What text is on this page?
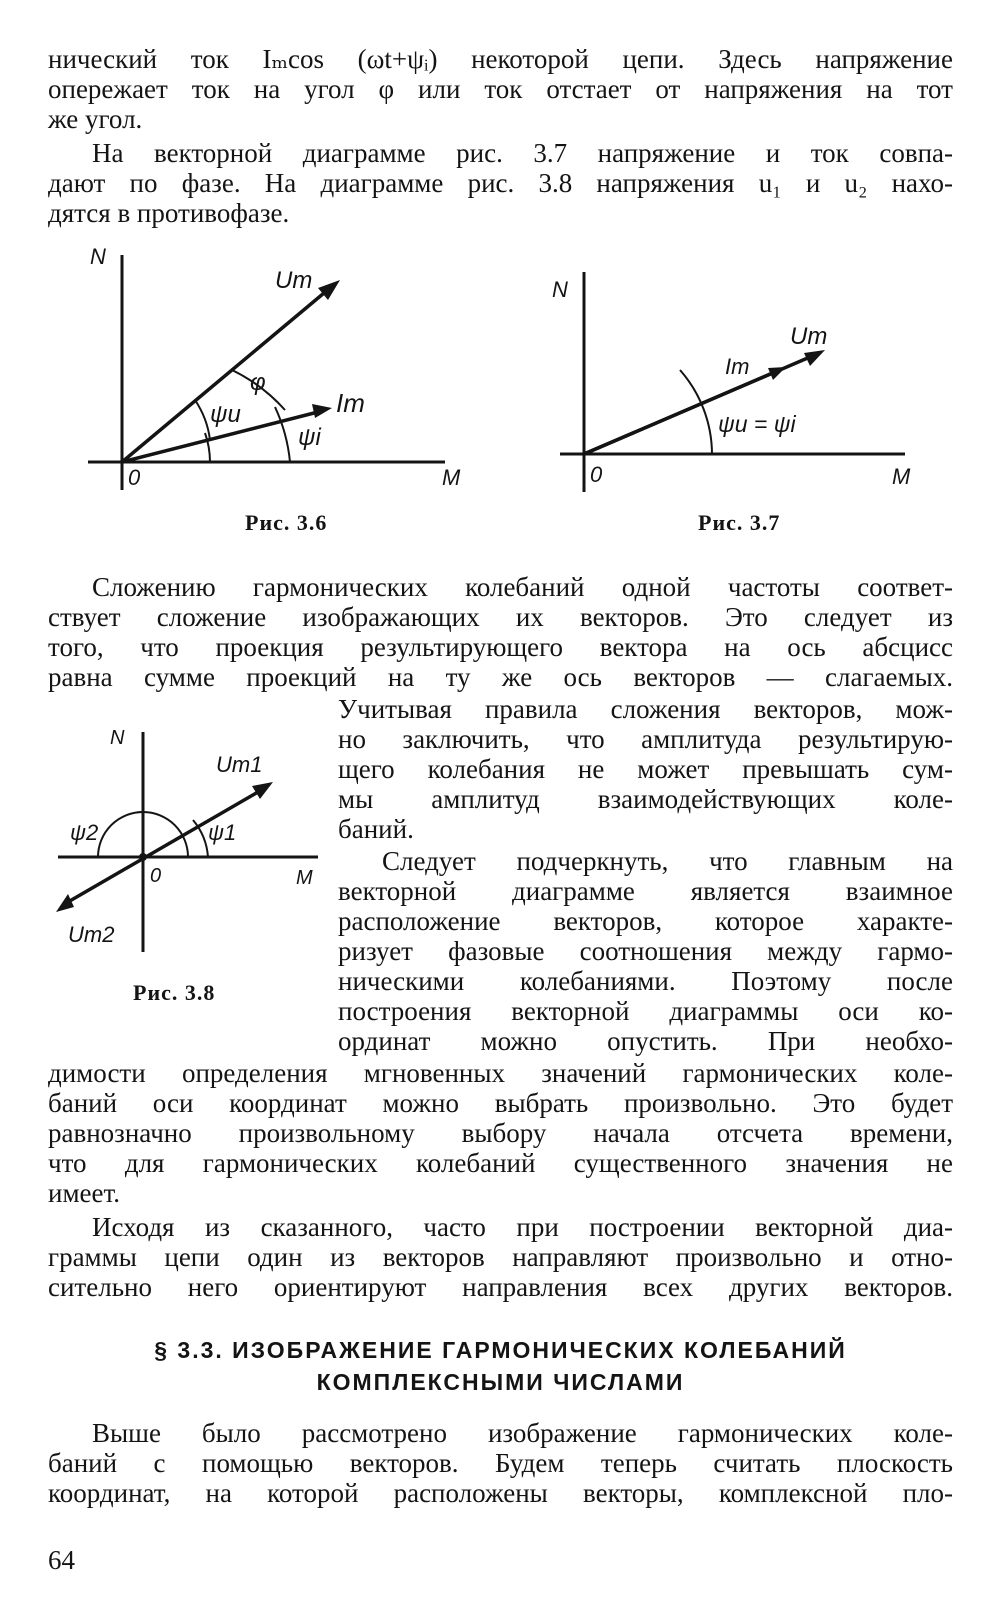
нический ток Iₘcos (ωt+ψᵢ) некоторой цепи. Здесь напряжение
опережает ток на угол φ или ток отстает от напряжения на тот
же угол.
На векторной диаграмме рис. 3.7 напряжение и ток совпа-
дают по фазе. На диаграмме рис. 3.8 напряжения u₁ и u₂ нахо-
дятся в противофазе.
N
0	M
Um
Im
φ
ψu
ψi
Рис. 3.6
N
0	M
Um
Im
ψu = ψi
Рис. 3.7
Сложению гармонических колебаний одной частоты соответ-
ствует сложение изображающих их векторов. Это следует из
того, что проекция результирующего вектора на ось абсцисс
равна сумме проекций на ту же ось векторов — слагаемых.
Учитывая правила сложения векторов, мож-
но заключить, что амплитуда результирую-
щего колебания не может превышать сум-
мы амплитуд взаимодействующих коле-
баний.
N
0	M
Um1
Um2
ψ1
ψ2
Рис. 3.8
Следует подчеркнуть, что главным на
векторной диаграмме является взаимное
расположение векторов, которое характе-
ризует фазовые соотношения между гармо-
ническими колебаниями. Поэтому после
построения векторной диаграммы оси ко-
ординат можно опустить. При необхо-
димости определения мгновенных значений гармонических коле-
баний оси координат можно выбрать произвольно. Это будет
равнозначно произвольному выбору начала отсчета времени,
что для гармонических колебаний существенного значения не
имеет.
Исходя из сказанного, часто при построении векторной диа-
граммы цепи один из векторов направляют произвольно и отно-
сительно него ориентируют направления всех других векторов.
§ 3.3. ИЗОБРАЖЕНИЕ ГАРМОНИЧЕСКИХ КОЛЕБАНИЙ
КОМПЛЕКСНЫМИ ЧИСЛАМИ
Выше было рассмотрено изображение гармонических коле-
баний с помощью векторов. Будем теперь считать плоскость
координат, на которой расположены векторы, комплексной пло-
64
